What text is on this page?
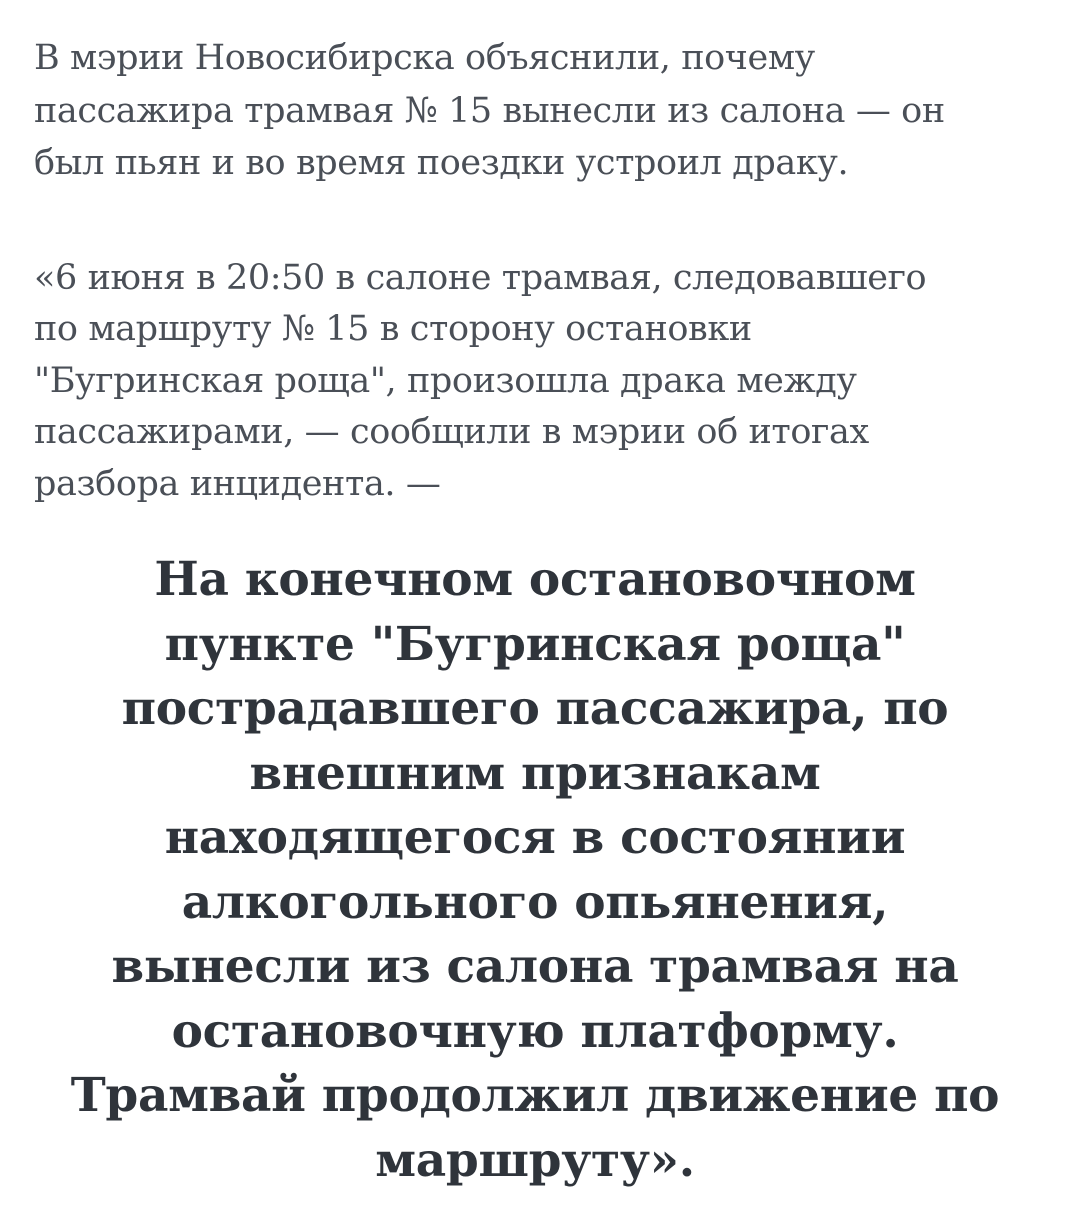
В мэрии Новосибирска объяснили, почему
пассажира трамвая № 15 вынесли из салона — он
был пьян и во время поездки устроил драку.

«6 июня в 20:50 в салоне трамвая, следовавшего
по маршруту № 15 в сторону остановки
"Бугринская роща", произошла драка между
пассажирами, — сообщили в мэрии об итогах
разбора инцидента. —

На конечном остановочном
пункте "Бугринская роща"
пострадавшего пассажира, по
внешним признакам
находящегося в состоянии
алкогольного опьянения,
вынесли из салона трамвая на
остановочную платформу.
Трамвай продолжил движение по
маршруту».
